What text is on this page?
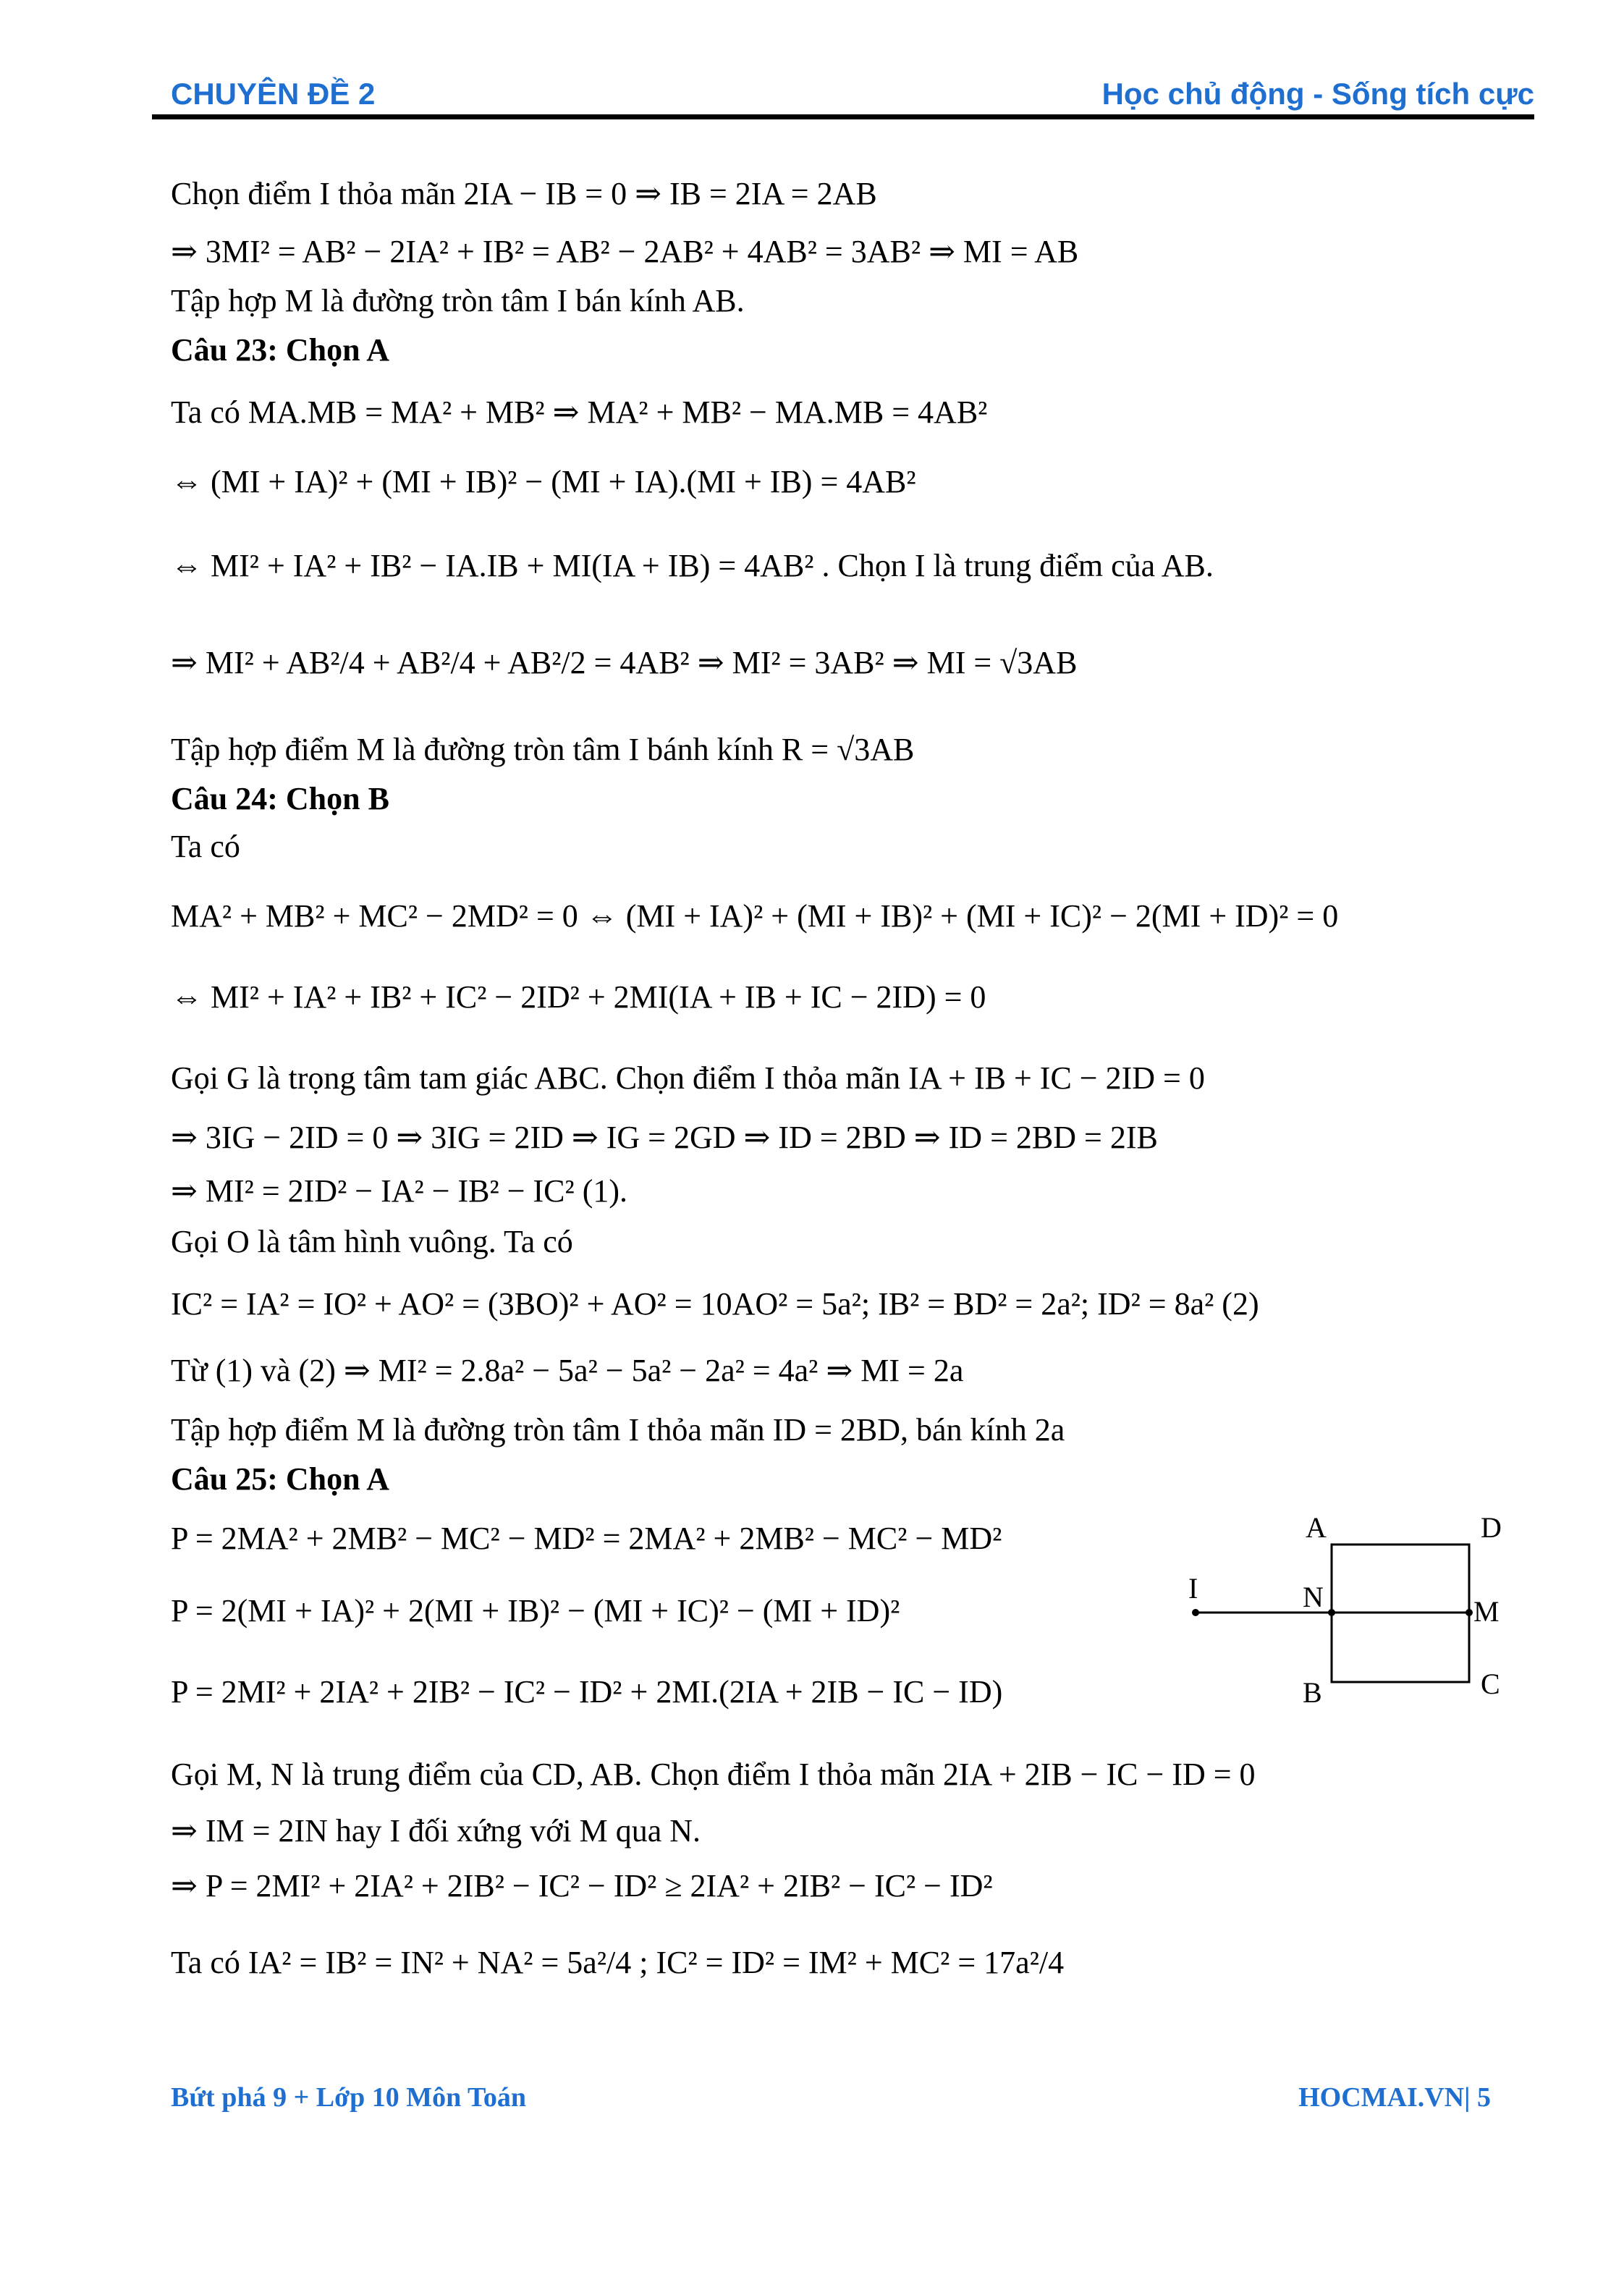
CHUYÊN ĐỀ 2	Học chủ động - Sống tích cực
Chọn điểm I thỏa mãn 2IA − IB = 0 ⇒ IB = 2IA = 2AB
⇒ 3MI² = AB² − 2IA² + IB² = AB² − 2AB² + 4AB² = 3AB² ⇒ MI = AB
Tập hợp M là đường tròn tâm I bán kính AB.
Câu 23: Chọn A
Ta có MA.MB = MA² + MB² ⇒ MA² + MB² − MA.MB = 4AB²
⇔ (MI + IA)² + (MI + IB)² − (MI + IA).(MI + IB) = 4AB²
⇔ MI² + IA² + IB² − IA.IB + MI(IA + IB) = 4AB² . Chọn I là trung điểm của AB.
⇒ MI² + AB²/4 + AB²/4 + AB²/2 = 4AB² ⇒ MI² = 3AB² ⇒ MI = √3AB
Tập hợp điểm M là đường tròn tâm I bánh kính R = √3AB
Câu 24: Chọn B
Ta có
MA² + MB² + MC² − 2MD² = 0 ⇔ (MI + IA)² + (MI + IB)² + (MI + IC)² − 2(MI + ID)² = 0
⇔ MI² + IA² + IB² + IC² − 2ID² + 2MI(IA + IB + IC − 2ID) = 0
Gọi G là trọng tâm tam giác ABC. Chọn điểm I thỏa mãn IA + IB + IC − 2ID = 0
⇒ 3IG − 2ID = 0 ⇒ 3IG = 2ID ⇒ IG = 2GD ⇒ ID = 2BD ⇒ ID = 2BD = 2IB
⇒ MI² = 2ID² − IA² − IB² − IC² (1).
Gọi O là tâm hình vuông. Ta có
IC² = IA² = IO² + AO² = (3BO)² + AO² = 10AO² = 5a²; IB² = BD² = 2a²; ID² = 8a² (2)
Từ (1) và (2) ⇒ MI² = 2.8a² − 5a² − 5a² − 2a² = 4a² ⇒ MI = 2a
Tập hợp điểm M là đường tròn tâm I thỏa mãn ID = 2BD, bán kính 2a
Câu 25: Chọn A
P = 2MA² + 2MB² − MC² − MD² = 2MA² + 2MB² − MC² − MD²
P = 2(MI + IA)² + 2(MI + IB)² − (MI + IC)² − (MI + ID)²
P = 2MI² + 2IA² + 2IB² − IC² − ID² + 2MI.(2IA + 2IB − IC − ID)
Gọi M, N là trung điểm của CD, AB. Chọn điểm I thỏa mãn 2IA + 2IB − IC − ID = 0
⇒ IM = 2IN hay I đối xứng với M qua N.
⇒ P = 2MI² + 2IA² + 2IB² − IC² − ID² ≥ 2IA² + 2IB² − IC² − ID²
Ta có IA² = IB² = IN² + NA² = 5a²/4 ; IC² = ID² = IM² + MC² = 17a²/4
A	D
I	N	M
B	C
Bứt phá 9 + Lớp 10 Môn Toán	HOCMAI.VN| 5
